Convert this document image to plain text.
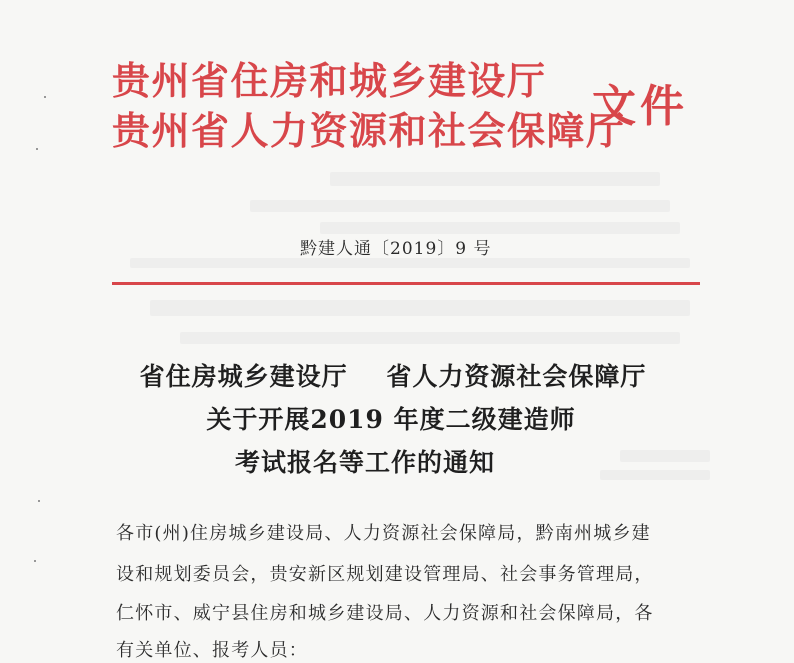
贵州省住房和城乡建设厅
贵州省人力资源和社会保障厅
文件
黔建人通〔2019〕9 号
省住房城乡建设厅    省人力资源社会保障厅
关于开展2019 年度二级建造师
考试报名等工作的通知
各市(州)住房城乡建设局、人力资源社会保障局，黔南州城乡建
设和规划委员会，贵安新区规划建设管理局、社会事务管理局，
仁怀市、威宁县住房和城乡建设局、人力资源和社会保障局，各
有关单位、报考人员：
